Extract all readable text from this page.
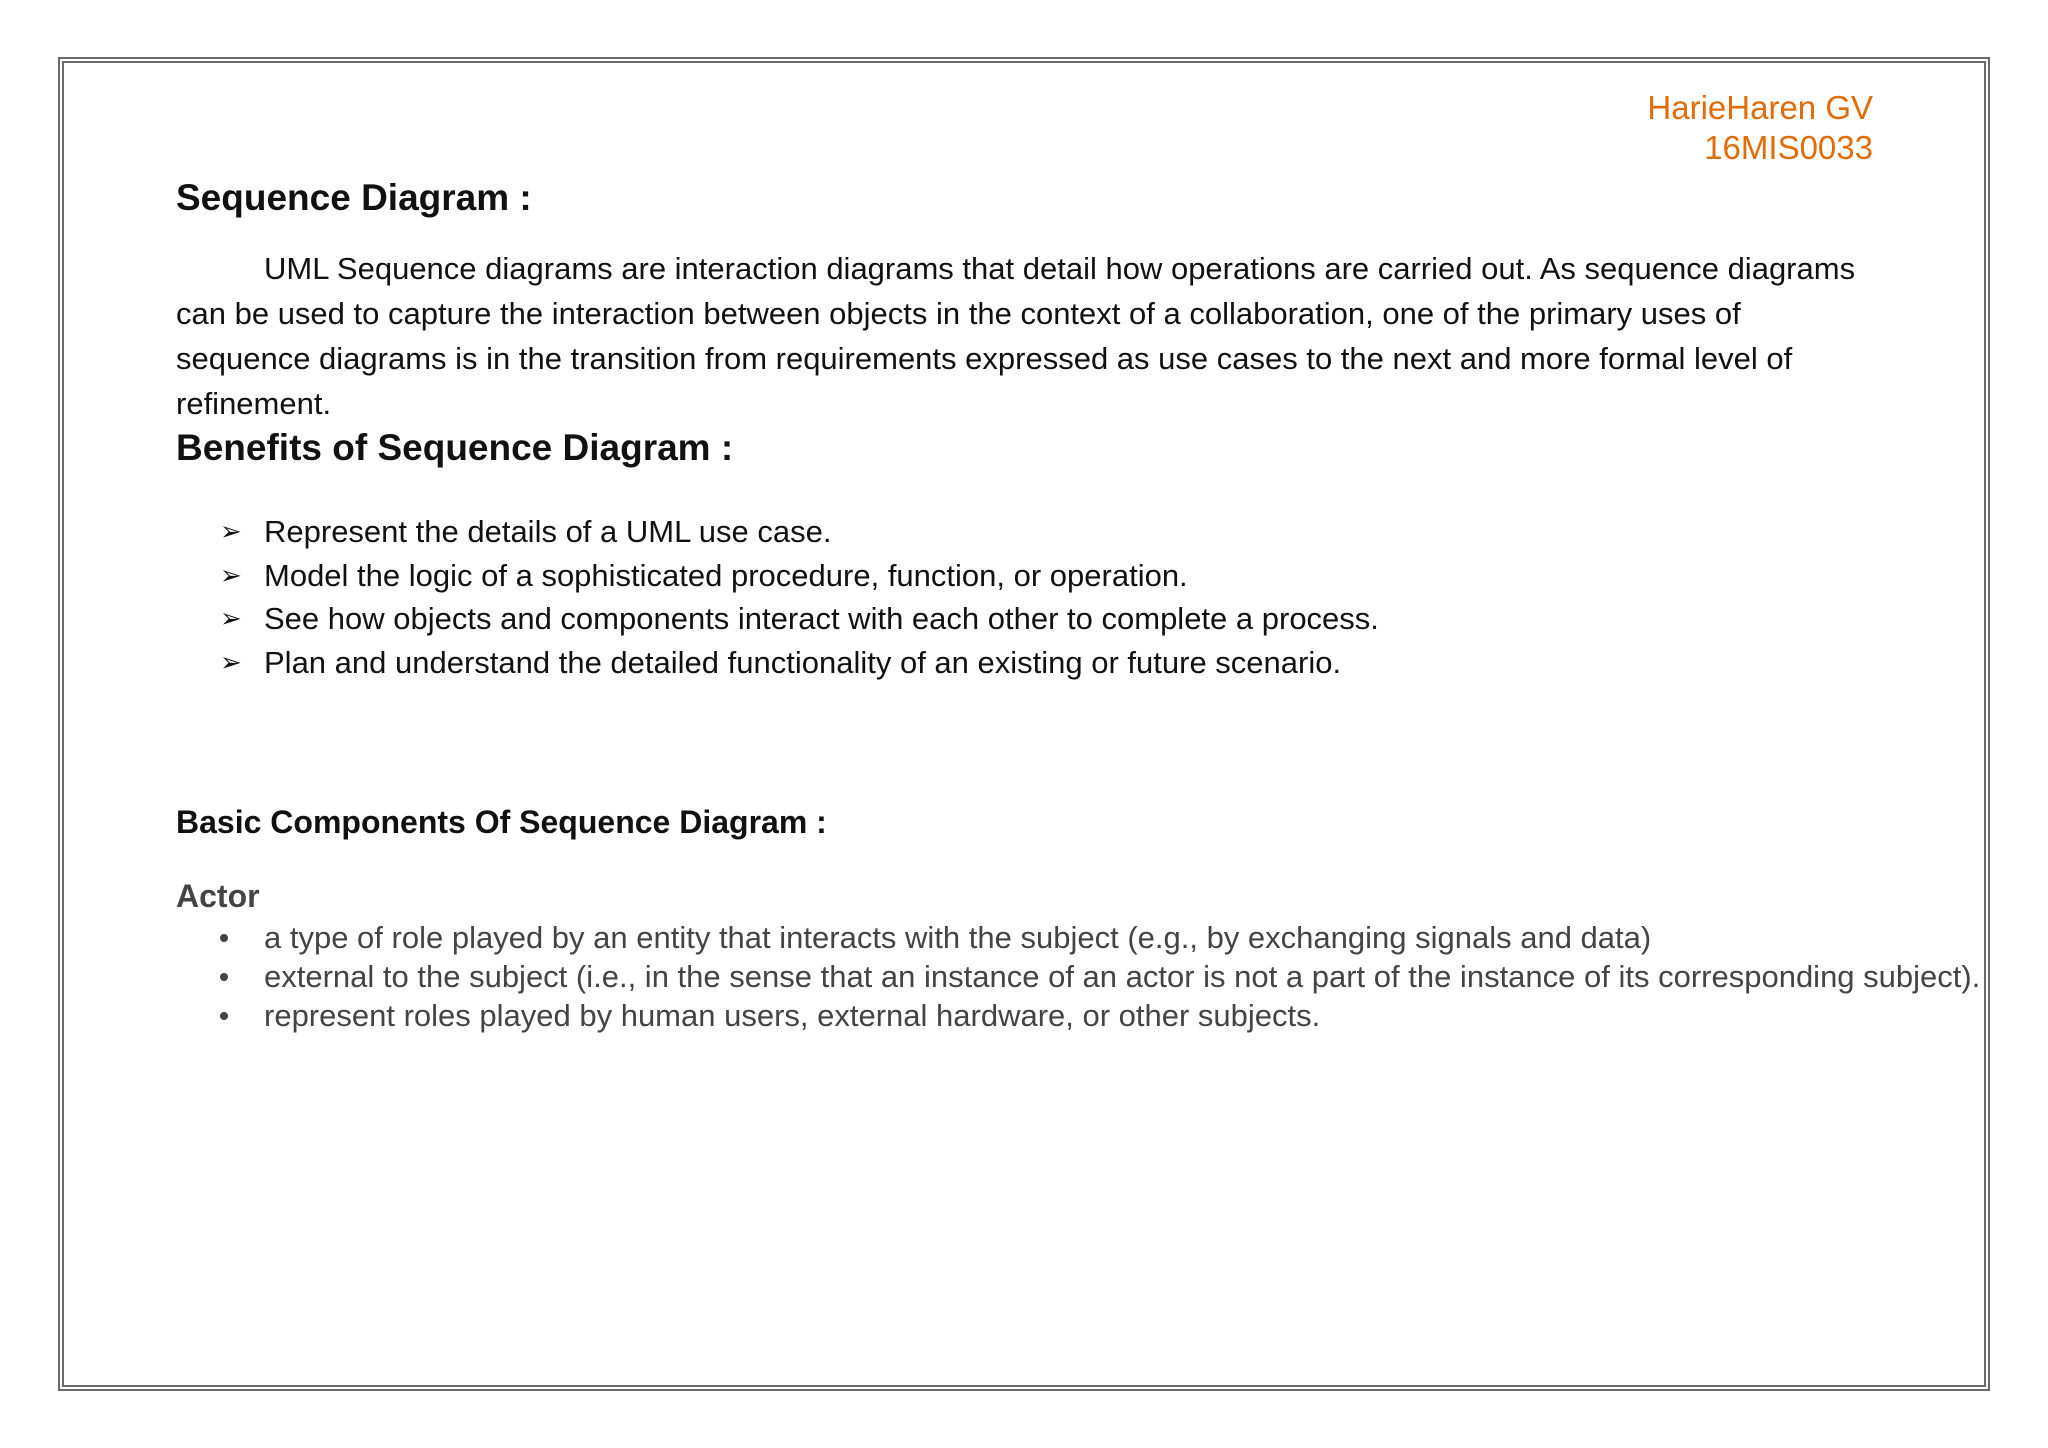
HarieHaren GV
16MIS0033
Sequence Diagram :

UML Sequence diagrams are interaction diagrams that detail how operations are carried out. As sequence diagrams can be used to capture the interaction between objects in the context of a collaboration, one of the primary uses of sequence diagrams is in the transition from requirements expressed as use cases to the next and more formal level of refinement.

Benefits of Sequence Diagram :
➢ Represent the details of a UML use case.
➢ Model the logic of a sophisticated procedure, function, or operation.
➢ See how objects and components interact with each other to complete a process.
➢ Plan and understand the detailed functionality of an existing or future scenario.
Basic Components Of Sequence Diagram :
Actor
a type of role played by an entity that interacts with the subject (e.g., by exchanging signals and data)
external to the subject (i.e., in the sense that an instance of an actor is not a part of the instance of its corresponding subject).
represent roles played by human users, external hardware, or other subjects.
